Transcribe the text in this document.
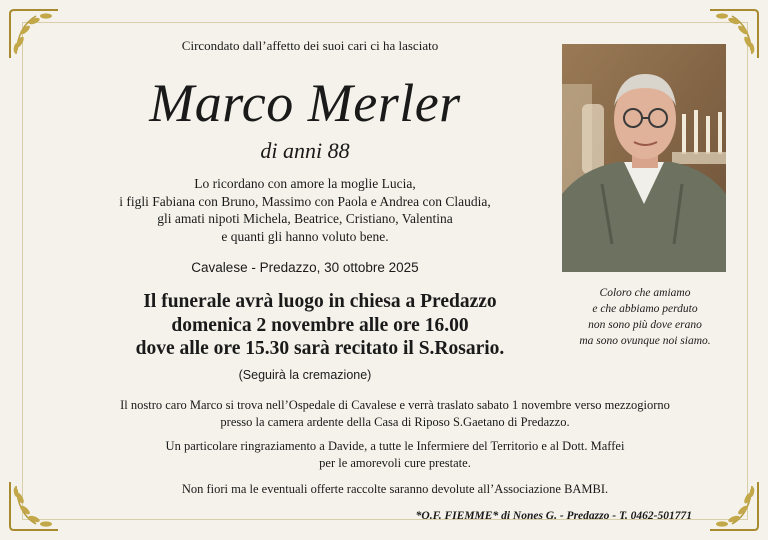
Circondato dall’affetto dei suoi cari ci ha lasciato
Marco Merler
di anni 88
Lo ricordano con amore la moglie Lucia,
i figli Fabiana con Bruno, Massimo con Paola e Andrea con Claudia,
gli amati nipoti Michela, Beatrice, Cristiano, Valentina
e quanti gli hanno voluto bene.
Cavalese - Predazzo, 30 ottobre 2025
Il funerale avrà luogo in chiesa a Predazzo
domenica 2 novembre alle ore 16.00
dove alle ore 15.30 sarà recitato il S.Rosario.
(Seguirà la cremazione)
Il nostro caro Marco si trova nell’Ospedale di Cavalese e verrà traslato sabato 1 novembre verso mezzogiorno
presso la camera ardente della Casa di Riposo S.Gaetano di Predazzo.
Un particolare ringraziamento a Davide, a tutte le Infermiere del Territorio e al Dott. Maffei
per le amorevoli cure prestate.
Non fiori ma le eventuali offerte raccolte saranno devolute all’Associazione BAMBI.
*O.F. FIEMME* di Nones G. - Predazzo - T. 0462-501771
Coloro che amiamo
e che abbiamo perduto
non sono più dove erano
ma sono ovunque noi siamo.
